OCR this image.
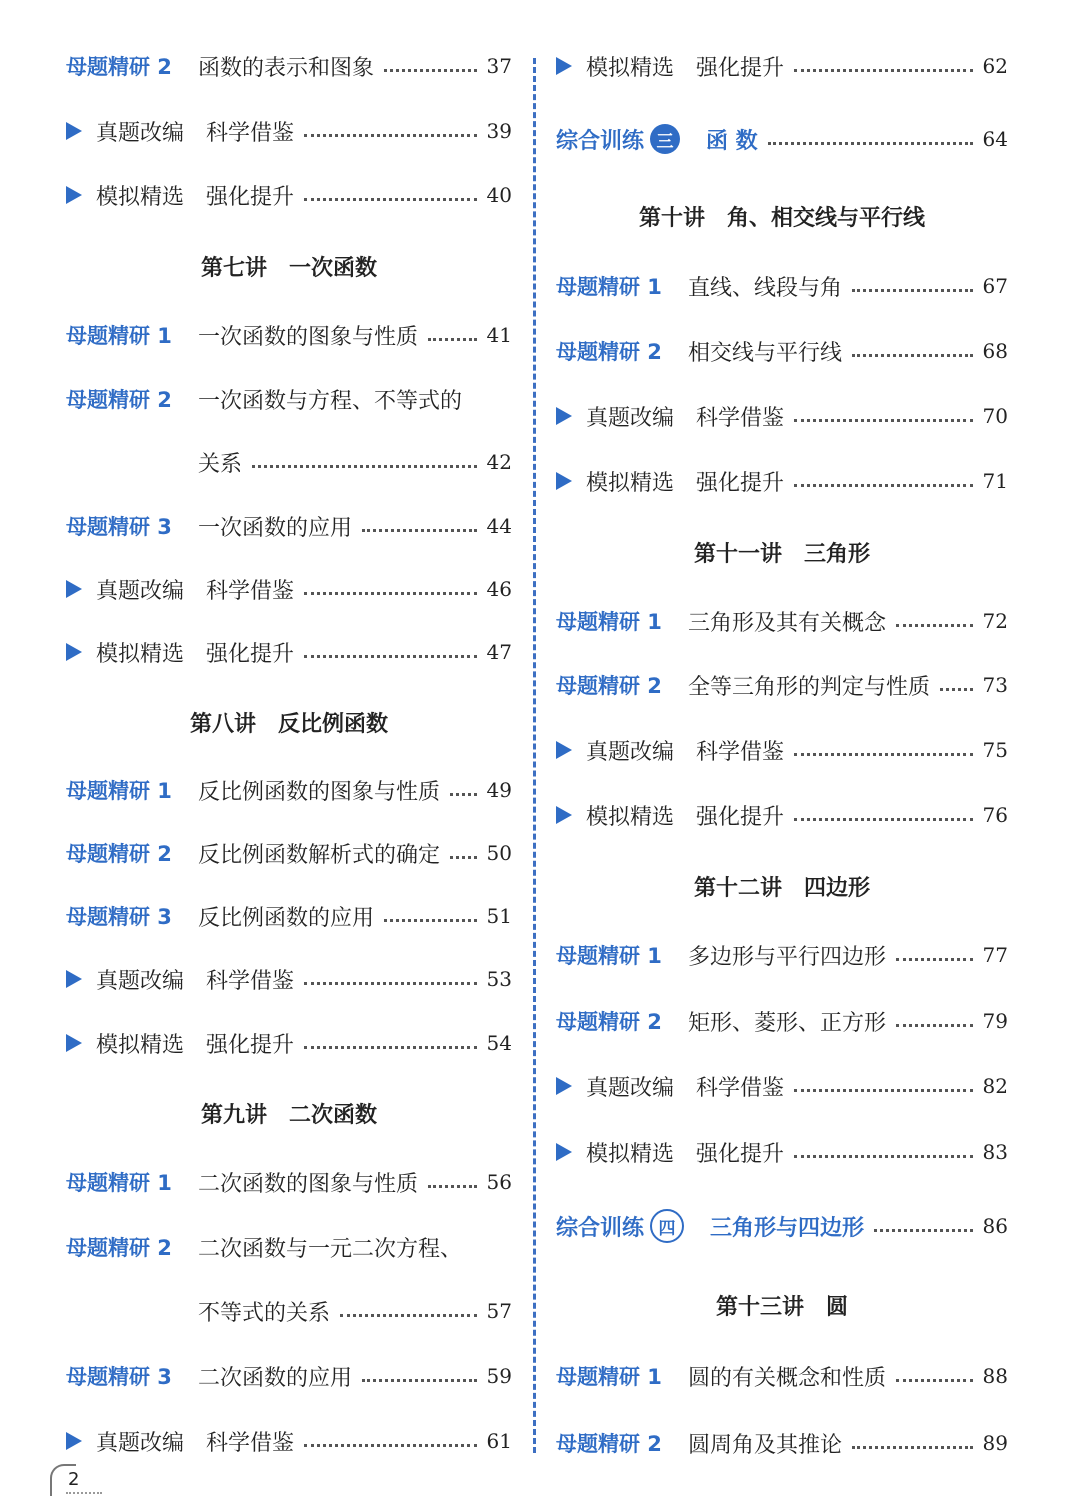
母题精研 2	函数的表示和图象	37
真题改编 科学借鉴	39
模拟精选 强化提升	40
第七讲 一次函数
母题精研 1	一次函数的图象与性质	41
母题精研 2	一次函数与方程、不等式的
关系	42
母题精研 3	一次函数的应用	44
真题改编 科学借鉴	46
模拟精选 强化提升	47
第八讲 反比例函数
母题精研 1	反比例函数的图象与性质 49
母题精研 2	反比例函数解析式的确定 50
母题精研 3	反比例函数的应用	51
真题改编 科学借鉴	53
模拟精选 强化提升	54
第九讲 二次函数
母题精研 1	二次函数的图象与性质	56
母题精研 2	二次函数与一元二次方程、
不等式的关系	57
母题精研 3	二次函数的应用	59
真题改编 科学借鉴	61
模拟精选 强化提升	62
综合训练 三 函 数	64
第十讲 角、相交线与平行线
母题精研 1	直线、线段与角	67
母题精研 2	相交线与平行线	68
真题改编 科学借鉴	70
模拟精选 强化提升	71
第十一讲 三角形
母题精研 1	三角形及其有关概念	72
母题精研 2	全等三角形的判定与性质	73
真题改编 科学借鉴	75
模拟精选 强化提升	76
第十二讲 四边形
母题精研 1	多边形与平行四边形	77
母题精研 2	矩形、菱形、正方形	79
真题改编 科学借鉴	82
模拟精选 强化提升	83
综合训练 四	三角形与四边形	86
第十三讲 圆
母题精研 1	圆的有关概念和性质	88
母题精研 2	圆周角及其推论	89
2
